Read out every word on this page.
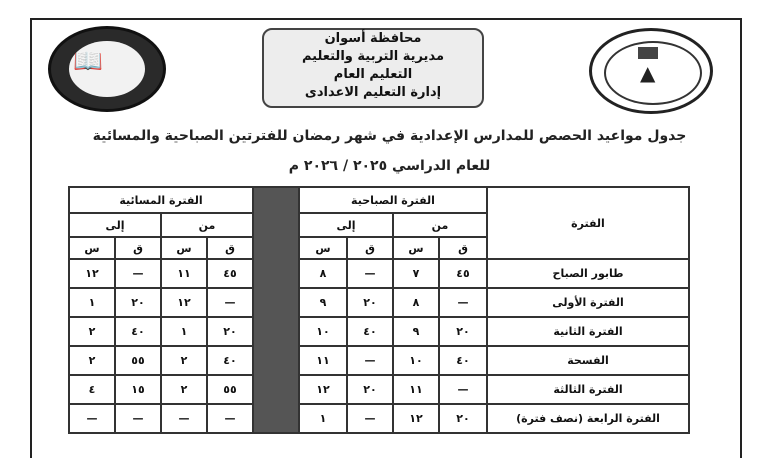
📖
محافظة أسوان
مديرية التربية والتعليم
التعليم العام
إدارة التعليم الاعدادى
▲
جدول مواعيد الحصص للمدارس الإعدادية في شهر رمضان للفترتين الصباحية والمسائية
للعام الدراسي ٢٠٢٥ / ٢٠٢٦ م
الفترة	الفترة الصباحية					الفترة المسائية			
	من		إلى			من		إلى	
	ق	س	ق	س		ق	س	ق	س
طابور الصباح	٤٥	٧	—	٨		٤٥	١١	—	١٢
الفترة الأولى	—	٨	٢٠	٩		—	١٢	٢٠	١
الفترة الثانية	٢٠	٩	٤٠	١٠		٢٠	١	٤٠	٢
الفسحة	٤٠	١٠	—	١١		٤٠	٢	٥٥	٢
الفترة الثالثة	—	١١	٢٠	١٢		٥٥	٢	١٥	٤
الفترة الرابعة (نصف فترة)	٢٠	١٢	—	١		—	—	—	—
